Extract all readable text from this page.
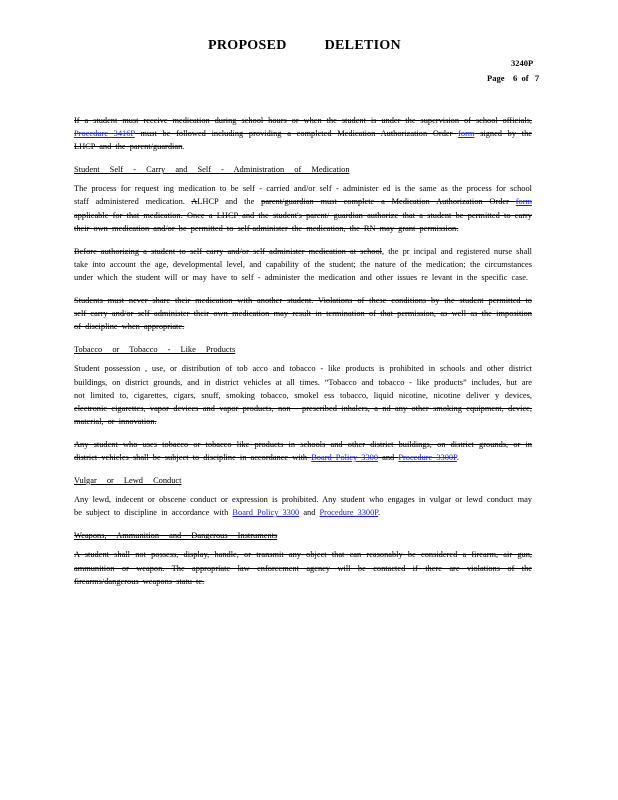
PROPOSED          DELETION
3240P
Page    6  of   7

If a student must receive medication during school hours or when the student is under the supervision of school officials, Procedure 3416P must be followed including providing a completed Medication Authorization Order form signed by the LHCP and the parent/guardian.

Student Self - Carry and Self - Administration of Medication

The process for request ing medication to be self - carried and/or self - administer ed is the same as the process for school staff administered medication. ALHCP and the parent/guardian must complete a Medication Authorization Order form applicable for that medication. Once a LHCP and the student's parent/ guardian authorize that a student be permitted to carry their own medication and/or be permitted to self-administer the medication, the RN may grant permission.

Before authorizing a student to self carry and/or self administer medication at school, the pr incipal and registered nurse shall take into account the age, developmental level, and capability of the student; the nature of the medication; the circumstances under which the student will or may have to self - administer the medication and other issues re levant in the specific case.

Students must never share their medication with another student. Violations of these conditions by the student permitted to self carry and/or self administer their own medication may result in termination of that permission, as well as the imposition of discipline when appropriate.

Tobacco or Tobacco - Like Products

Student possession , use, or distribution of tob acco and tobacco - like products is prohibited in schools and other district buildings, on district grounds, and in district vehicles at all times. “Tobacco and tobacco - like products” includes, but are not limited to, cigarettes, cigars, snuff, smoking tobacco, smokel ess tobacco, liquid nicotine, nicotine deliver y devices, electronic cigarettes, vapor devices and vapor products, non - prescribed inhalers, a nd any other smoking equipment, device, material, or innovation.

Any student who uses tobacco or tobacco like products in schools and other district buildings, on district grounds, or in district vehicles shall be subject to discipline in accordance with Board Policy 3300 and Procedure 3300P.

Vulgar or Lewd Conduct

Any lewd, indecent or obscene conduct or expression is prohibited. Any student who engages in vulgar or lewd conduct may be subject to discipline in accordance with Board Policy 3300 and Procedure 3300P.

Weapons, Ammunition and Dangerous Instruments

A student shall not possess, display, handle, or transmit any object that can reasonably be considered a firearm, air gun, ammunition or weapon. The appropriate law enforcement agency will be contacted if there are violations of the firearms/dangerous weapons statu te.
